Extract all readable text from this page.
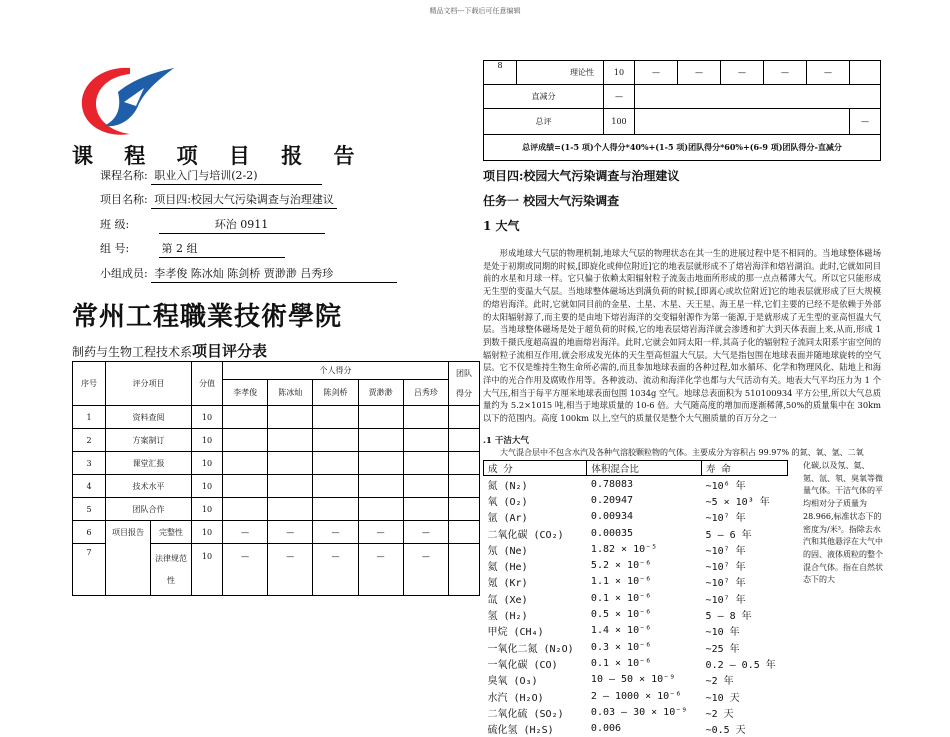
精品文档---下载后可任意编辑
课 程 项 目 报 告
课程名称: 职业入门与培训(2-2)
项目名称: 项目四:校园大气污染调查与治理建议
班 级:	环治 0911
组 号:	第 2 组
小组成员: 李孝俊 陈冰灿 陈剑桥 贾渺渺 吕秀珍
常州工程職業技術學院
制药与生物工程技术系项目评分表
序号	评分项目		分值	个人得分					团队

得分
				李孝俊	陈冰灿	陈剑桥	贾渺渺	吕秀珍	
1	资料查阅		10						
2	方案制订		10						
3	课堂汇报		10						
4	技术水平		10						
5	团队合作		10						
6	项目报告	完整性	10	—	—	—	—	—	
7		法律规范
性	10	—	—	—	—	—	
8		理论性	10	—	—	—	—	—	
直减分			—						
总评			100						—
总评成绩=(1-5 项)个人得分*40%+(1-5 项)团队得分*60%+(6-9 项)团队得分-直减分									
项目四:校园大气污染调查与治理建议
任务一 校园大气污染调查
1 大气
形成地球大气层的物理机制,地球大气层的物理状态在其一生的进展过程中是不相同的。当地球整体磁场是处于初期或同期的时候,[即旋化或伸位附近]它的地表层就形成不了熔岩海洋和熔岩湖泊。此时,它就如同目前的水星和月球一样。它只偏于依赖太阳辐射粒子流轰击地面所形成的那一点点稀薄大气。所以它只能形成无生型的变温大气层。当地球整体磁场达到满负荷的时候,[即离心或坎位附近]它的地表层就形成了巨大规模的熔岩海洋。此时,它就如同目前的金星、土星、木星、天王星、海王星一样,它们主要的已经不是依赖于外部的太阳辐射源了,而主要的是由地下熔岩海洋的交变辐射源作为第一能源,于是就形成了无生型的亚高恒温大气层。当地球整体磁场是处于超负荷的时候,它的地表层熔岩海洋就会渗透和扩大到天体表面上来,从而,形成 1 到数千摄氏度超高温的地面熔岩海洋。此时,它就会如同太阳一样,其高子化的辐射粒子流同太阳系宇宙空间的辐射粒子流相互作用,就会形成发光体的天生型高恒温大气层。大气是指包围在地球表面并随地球旋转的空气层。它不仅是维持生物生命所必需的,而且参加地球表面的各种过程,如水循环、化学和物理风化、陆地上和海洋中的光合作用及腐败作用等。各种波动、流动和海洋化学也都与大气活动有关。地表大气平均压力为 1 个大气压,相当于每平方厘米地球表面包围 1034g 空气。地球总表面积为 510100934 平方公里,所以大气总质量约为 5.2×1015 吨,相当于地球质量的 10-6 倍。大气随高度的增加而逐渐稀薄,50%的质量集中在 30km 以下的范围内。高度 100km 以上,空气的质量仅是整个大气圈质量的百万分之一
.1 干洁大气
大气混合层中不包含水汽及各种气溶胶颗粒物的气体。主要成分为容积占 99.97% 的氮、氧、氩、二氧
化碳,以及氖、氦、氪、氙、氡、臭氧等微量气体。干洁气体的平均相对分子质量为 28.966,标准状态下的密度为/米³。指除去水汽和其他悬浮在大气中的固、液体质粒的整个混合气体。指在自然状态下的大
成 分	体积混合比	寿 命
氮 (N₂)	0.78083	~10⁶ 年
氧 (O₂)	0.20947	~5 × 10³ 年
氩 (Ar)	0.00934	~10⁷ 年
二氧化碳 (CO₂)	0.00035	5 — 6 年
氖 (Ne)	1.82 × 10⁻⁵	~10⁷ 年
氦 (He)	5.2 × 10⁻⁶	~10⁷ 年
氪 (Kr)	1.1 × 10⁻⁶	~10⁷ 年
氙 (Xe)	0.1 × 10⁻⁶	~10⁷ 年
氢 (H₂)	0.5 × 10⁻⁶	5 — 8 年
甲烷 (CH₄)	1.4 × 10⁻⁶	~10 年
一氧化二氮 (N₂O)	0.3 × 10⁻⁶	~25 年
一氧化碳 (CO)	0.1 × 10⁻⁶	0.2 — 0.5 年
臭氧 (O₃)	10 — 50 × 10⁻⁹	~2 年
水汽 (H₂O)	2 — 1000 × 10⁻⁶	~10 天
二氧化硫 (SO₂)	0.03 — 30 × 10⁻⁹	~2 天
硫化氢 (H₂S)	0.006	~0.5 天
